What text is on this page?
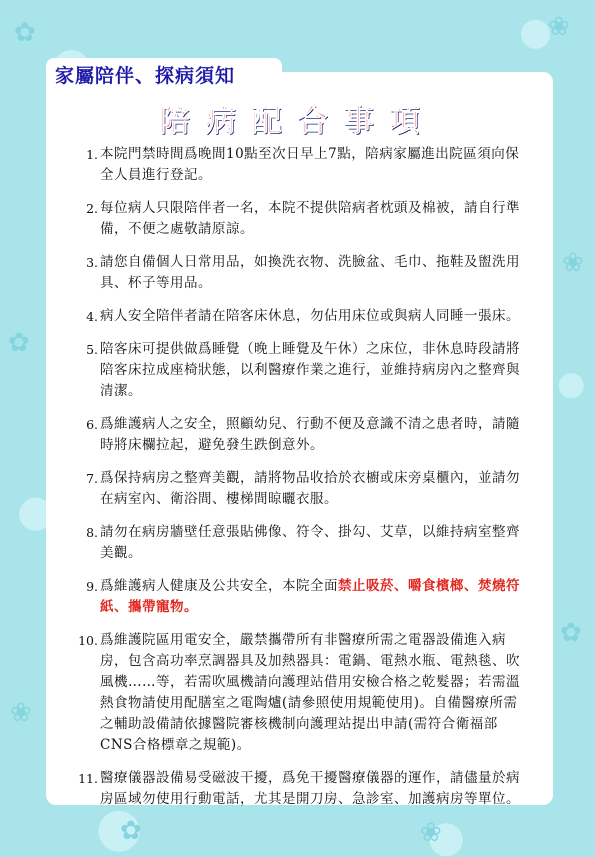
✿	❀
✿
❀
❀
✿
✿	❀
家屬陪伴、探病須知
陪病配合事項
1. 本院門禁時間爲晚間10點至次日早上7點，陪病家屬進出院區須向保全人員進行登記。
2. 每位病人只限陪伴者一名，本院不提供陪病者枕頭及棉被，請自行準備，不便之處敬請原諒。
3. 請您自備個人日常用品，如換洗衣物、洗臉盆、毛巾、拖鞋及盥洗用具、杯子等用品。
4. 病人安全陪伴者請在陪客床休息，勿佔用床位或與病人同睡一張床。
5. 陪客床可提供做爲睡覺（晚上睡覺及午休）之床位，非休息時段請將陪客床拉成座椅狀態，以利醫療作業之進行，並維持病房內之整齊與清潔。
6. 爲維護病人之安全，照顧幼兒、行動不便及意識不清之患者時，請隨時將床欄拉起，避免發生跌倒意外。
7. 爲保持病房之整齊美觀，請將物品收拾於衣櫥或床旁桌櫃內，並請勿在病室內、衛浴間、樓梯間晾曬衣服。
8. 請勿在病房牆壁任意張貼佛像、符令、掛勾、艾草，以維持病室整齊美觀。
9. 爲維護病人健康及公共安全，本院全面禁止吸菸、嚼食檳榔、焚燒符紙、攜帶寵物。
10. 爲維護院區用電安全，嚴禁攜帶所有非醫療所需之電器設備進入病房，包含高功率烹調器具及加熱器具：電鍋、電熱水瓶、電熱毯、吹風機……等，若需吹風機請向護理站借用安檢合格之乾髮器；若需溫熱食物請使用配膳室之電陶爐(請參照使用規範使用)。自備醫療所需之輔助設備請依據醫院審核機制向護理站提出申請(需符合衛福部CNS合格標章之規範)。
11. 醫療儀器設備易受磁波干擾，爲免干擾醫療儀器的運作，請儘量於病房區域勿使用行動電話，尤其是開刀房、急診室、加護病房等單位。
